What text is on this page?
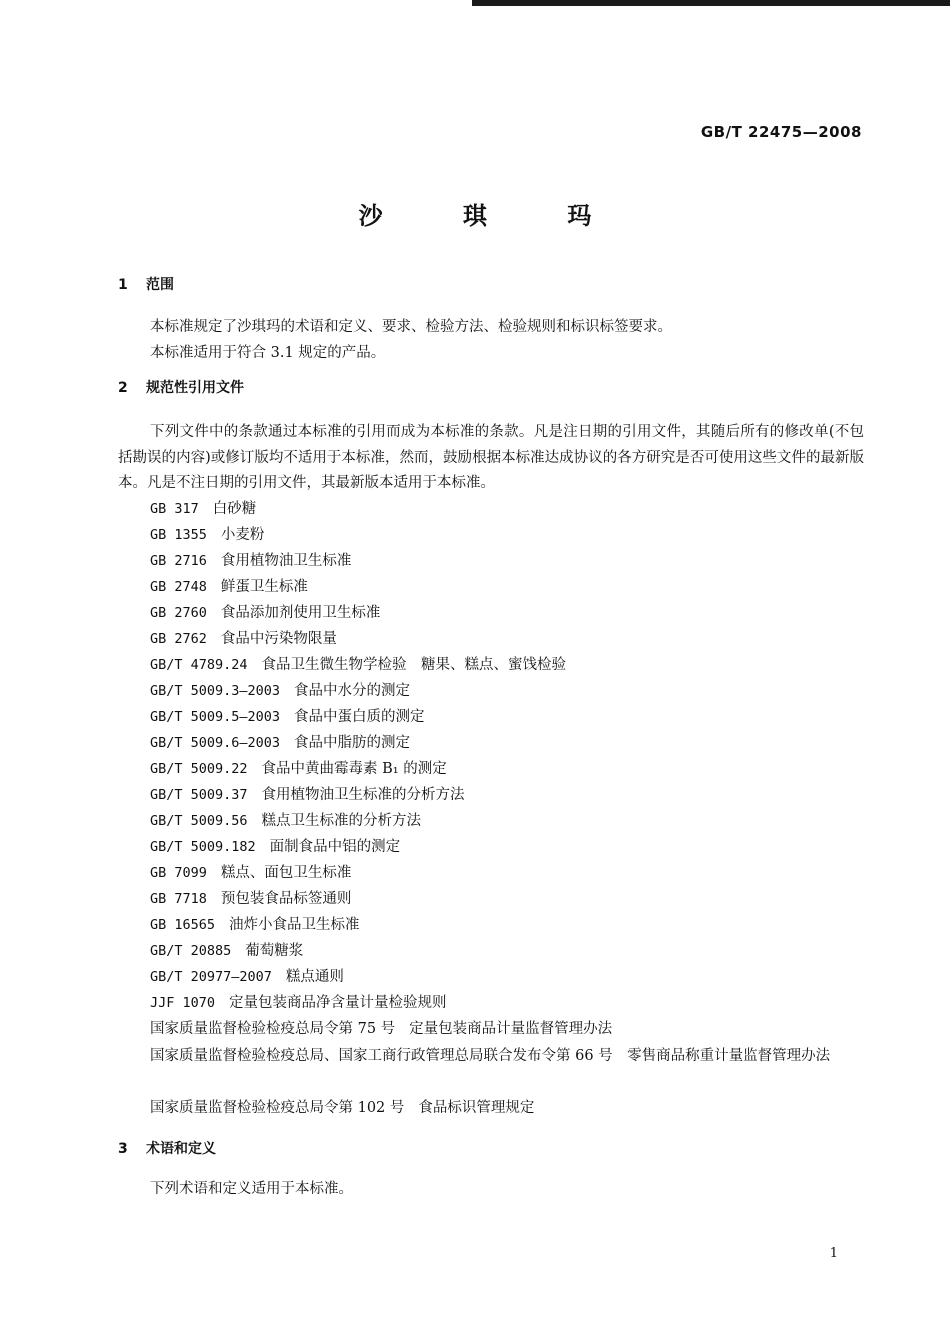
GB/T 22475—2008
沙 琪 玛
1 范围
本标准规定了沙琪玛的术语和定义、要求、检验方法、检验规则和标识标签要求。
本标准适用于符合 3.1 规定的产品。
2 规范性引用文件
下列文件中的条款通过本标准的引用而成为本标准的条款。凡是注日期的引用文件，其随后所有的修改单(不包括勘误的内容)或修订版均不适用于本标准，然而，鼓励根据本标准达成协议的各方研究是否可使用这些文件的最新版本。凡是不注日期的引用文件，其最新版本适用于本标准。
GB 317 白砂糖
GB 1355 小麦粉
GB 2716 食用植物油卫生标准
GB 2748 鲜蛋卫生标准
GB 2760 食品添加剂使用卫生标准
GB 2762 食品中污染物限量
GB/T 4789.24 食品卫生微生物学检验　糖果、糕点、蜜饯检验
GB/T 5009.3—2003 食品中水分的测定
GB/T 5009.5—2003 食品中蛋白质的测定
GB/T 5009.6—2003 食品中脂肪的测定
GB/T 5009.22 食品中黄曲霉毒素 B₁ 的测定
GB/T 5009.37 食用植物油卫生标准的分析方法
GB/T 5009.56 糕点卫生标准的分析方法
GB/T 5009.182 面制食品中铝的测定
GB 7099 糕点、面包卫生标准
GB 7718 预包装食品标签通则
GB 16565 油炸小食品卫生标准
GB/T 20885 葡萄糖浆
GB/T 20977—2007 糕点通则
JJF 1070 定量包装商品净含量计量检验规则
国家质量监督检验检疫总局令第 75 号 定量包装商品计量监督管理办法
国家质量监督检验检疫总局、国家工商行政管理总局联合发布令第 66 号　零售商品称重计量监督管理办法
国家质量监督检验检疫总局令第 102 号 食品标识管理规定
3 术语和定义
下列术语和定义适用于本标准。
1
